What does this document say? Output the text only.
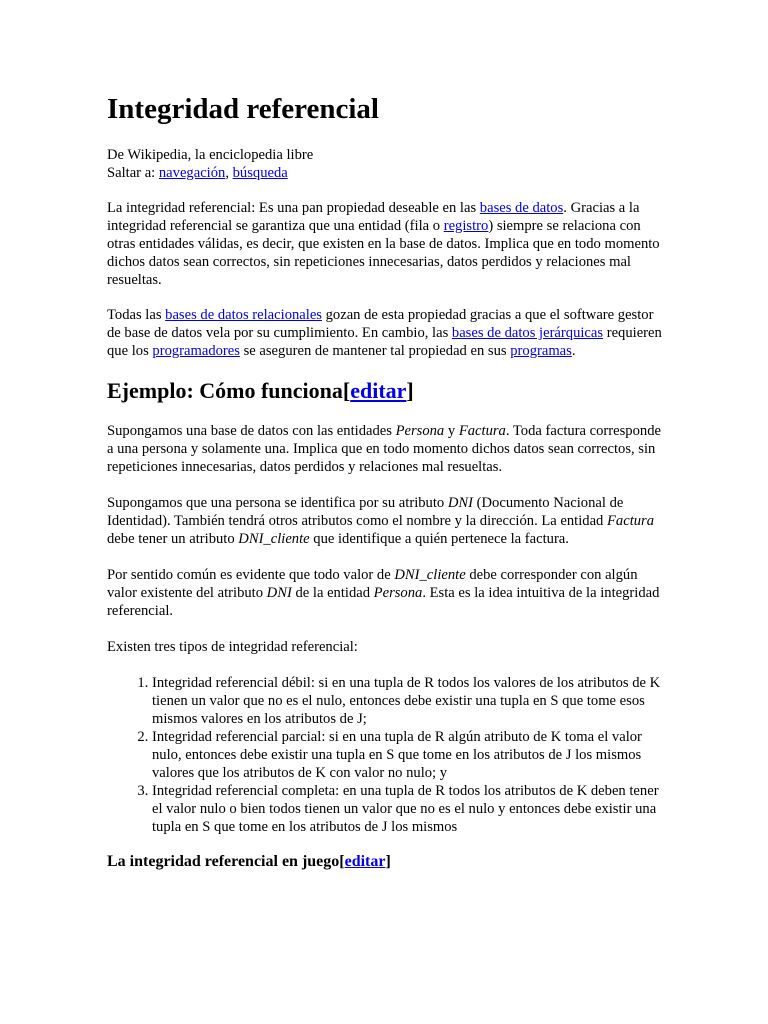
Integridad referencial
De Wikipedia, la enciclopedia libre
Saltar a: navegación, búsqueda

La integridad referencial: Es una pan propiedad deseable en las bases de datos. Gracias a la integridad referencial se garantiza que una entidad (fila o registro) siempre se relaciona con otras entidades válidas, es decir, que existen en la base de datos. Implica que en todo momento dichos datos sean correctos, sin repeticiones innecesarias, datos perdidos y relaciones mal resueltas.

Todas las bases de datos relacionales gozan de esta propiedad gracias a que el software gestor de base de datos vela por su cumplimiento. En cambio, las bases de datos jerárquicas requieren que los programadores se aseguren de mantener tal propiedad en sus programas.

Ejemplo: Cómo funciona[editar]

Supongamos una base de datos con las entidades Persona y Factura. Toda factura corresponde a una persona y solamente una. Implica que en todo momento dichos datos sean correctos, sin repeticiones innecesarias, datos perdidos y relaciones mal resueltas.

Supongamos que una persona se identifica por su atributo DNI (Documento Nacional de Identidad). También tendrá otros atributos como el nombre y la dirección. La entidad Factura debe tener un atributo DNI_cliente que identifique a quién pertenece la factura.

Por sentido común es evidente que todo valor de DNI_cliente debe corresponder con algún valor existente del atributo DNI de la entidad Persona. Esta es la idea intuitiva de la integridad referencial.

Existen tres tipos de integridad referencial:

1. Integridad referencial débil: si en una tupla de R todos los valores de los atributos de K tienen un valor que no es el nulo, entonces debe existir una tupla en S que tome esos mismos valores en los atributos de J;
2. Integridad referencial parcial: si en una tupla de R algún atributo de K toma el valor nulo, entonces debe existir una tupla en S que tome en los atributos de J los mismos valores que los atributos de K con valor no nulo; y
3. Integridad referencial completa: en una tupla de R todos los atributos de K deben tener el valor nulo o bien todos tienen un valor que no es el nulo y entonces debe existir una tupla en S que tome en los atributos de J los mismos
La integridad referencial en juego[editar]
